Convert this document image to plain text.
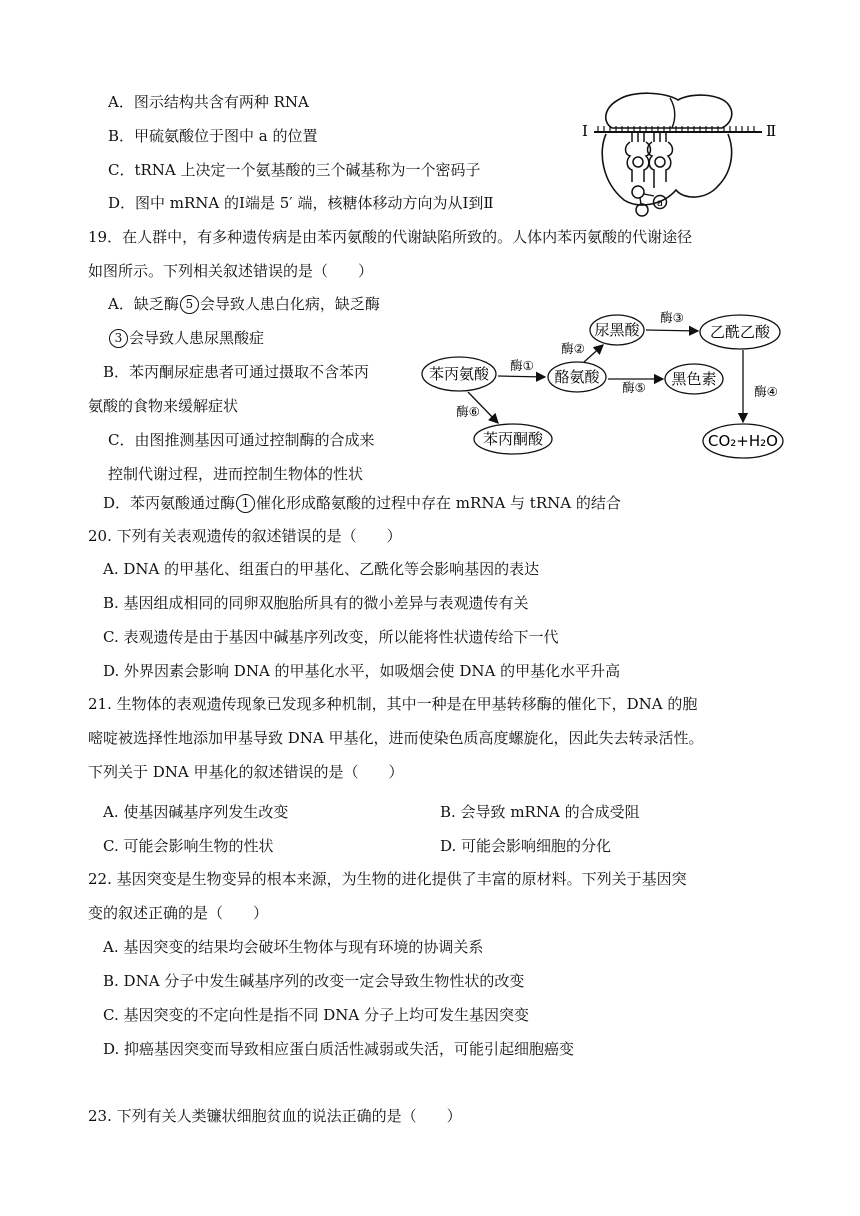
A．图示结构共含有两种 RNA
B．甲硫氨酸位于图中 a 的位置
C．tRNA 上决定一个氨基酸的三个碱基称为一个密码子
D．图中 mRNA 的Ⅰ端是 5′ 端，核糖体移动方向为从Ⅰ到Ⅱ	a
Ⅰ	Ⅱ
19．在人群中，有多种遗传病是由苯丙氨酸的代谢缺陷所致的。人体内苯丙氨酸的代谢途径
如图所示。下列相关叙述错误的是（　　）
A．缺乏酶 5 会导致人患白化病，缺乏酶
3 会导致人患尿黑酸症
B．苯丙酮尿症患者可通过摄取不含苯丙
氨酸的食物来缓解症状
C．由图推测基因可通过控制酶的合成来
控制代谢过程，进而控制生物体的性状
D．苯丙氨酸通过酶 1 催化形成酪氨酸的过程中存在 mRNA 与 tRNA 的结合
苯丙氨酸	酪氨酸
尿黑酸	乙酰乙酸
黑色素
苯丙酮酸	CO₂+H₂O
酶①
酶②
酶③
酶④
酶⑤
酶⑥
20. 下列有关表观遗传的叙述错误的是（　　）
A. DNA 的甲基化、组蛋白的甲基化、乙酰化等会影响基因的表达
B. 基因组成相同的同卵双胞胎所具有的微小差异与表观遗传有关
C. 表观遗传是由于基因中碱基序列改变，所以能将性状遗传给下一代
D. 外界因素会影响 DNA 的甲基化水平，如吸烟会使 DNA 的甲基化水平升高
21. 生物体的表观遗传现象已发现多种机制，其中一种是在甲基转移酶的催化下，DNA 的胞
嘧啶被选择性地添加甲基导致 DNA 甲基化，进而使染色质高度螺旋化，因此失去转录活性。
下列关于 DNA 甲基化的叙述错误的是（　　）
A. 使基因碱基序列发生改变	B. 会导致 mRNA 的合成受阻
C. 可能会影响生物的性状	D. 可能会影响细胞的分化
22. 基因突变是生物变异的根本来源，为生物的进化提供了丰富的原材料。下列关于基因突
变的叙述正确的是（　　）
A. 基因突变的结果均会破坏生物体与现有环境的协调关系
B. DNA 分子中发生碱基序列的改变一定会导致生物性状的改变
C. 基因突变的不定向性是指不同 DNA 分子上均可发生基因突变
D. 抑癌基因突变而导致相应蛋白质活性减弱或失活，可能引起细胞癌变
23. 下列有关人类镰状细胞贫血的说法正确的是（　　）
